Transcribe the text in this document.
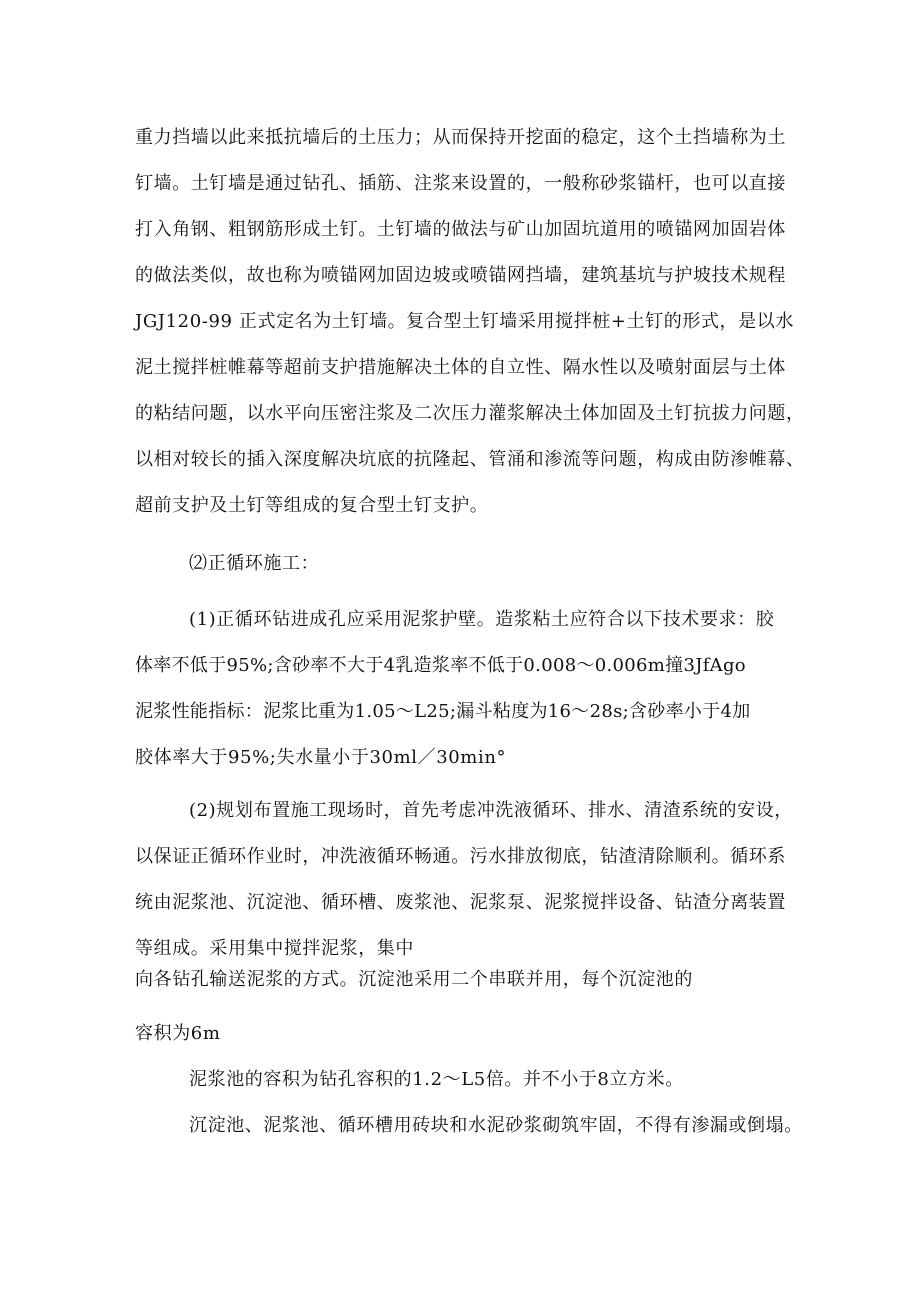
重力挡墙以此来抵抗墙后的土压力；从而保持开挖面的稳定，这个土挡墙称为土
钉墙。土钉墙是通过钻孔、插筋、注浆来设置的，一般称砂浆锚杆，也可以直接
打入角钢、粗钢筋形成土钉。土钉墙的做法与矿山加固坑道用的喷锚网加固岩体
的做法类似，故也称为喷锚网加固边坡或喷锚网挡墙，建筑基坑与护坡技术规程
JGJ120-99 正式定名为土钉墙。复合型土钉墙采用搅拌桩+土钉的形式，是以水
泥土搅拌桩帷幕等超前支护措施解决土体的自立性、隔水性以及喷射面层与土体
的粘结问题，以水平向压密注浆及二次压力灌浆解决土体加固及土钉抗拔力问题，
以相对较长的插入深度解决坑底的抗隆起、管涌和渗流等问题，构成由防渗帷幕、
超前支护及土钉等组成的复合型土钉支护。
⑵正循环施工：
(1)正循环钻进成孔应采用泥浆护壁。造浆粘土应符合以下技术要求：胶
体率不低于95%;含砂率不大于4乳造浆率不低于0.008～0.006m撞3JfAgo
泥浆性能指标：泥浆比重为1.05～L25;漏斗粘度为16～28s;含砂率小于4加
胶体率大于95%;失水量小于30ml／30min°
(2)规划布置施工现场时，首先考虑冲洗液循环、排水、清渣系统的安设，
以保证正循环作业时，冲洗液循环畅通。污水排放彻底，钻渣清除顺利。循环系
统由泥浆池、沉淀池、循环槽、废浆池、泥浆泵、泥浆搅拌设备、钻渣分离装置
等组成。采用集中搅拌泥浆，集中
向各钻孔输送泥浆的方式。沉淀池采用二个串联并用，每个沉淀池的
容积为6m
泥浆池的容积为钻孔容积的1.2～L5倍。并不小于8立方米。
沉淀池、泥浆池、循环槽用砖块和水泥砂浆砌筑牢固，不得有渗漏或倒塌。
